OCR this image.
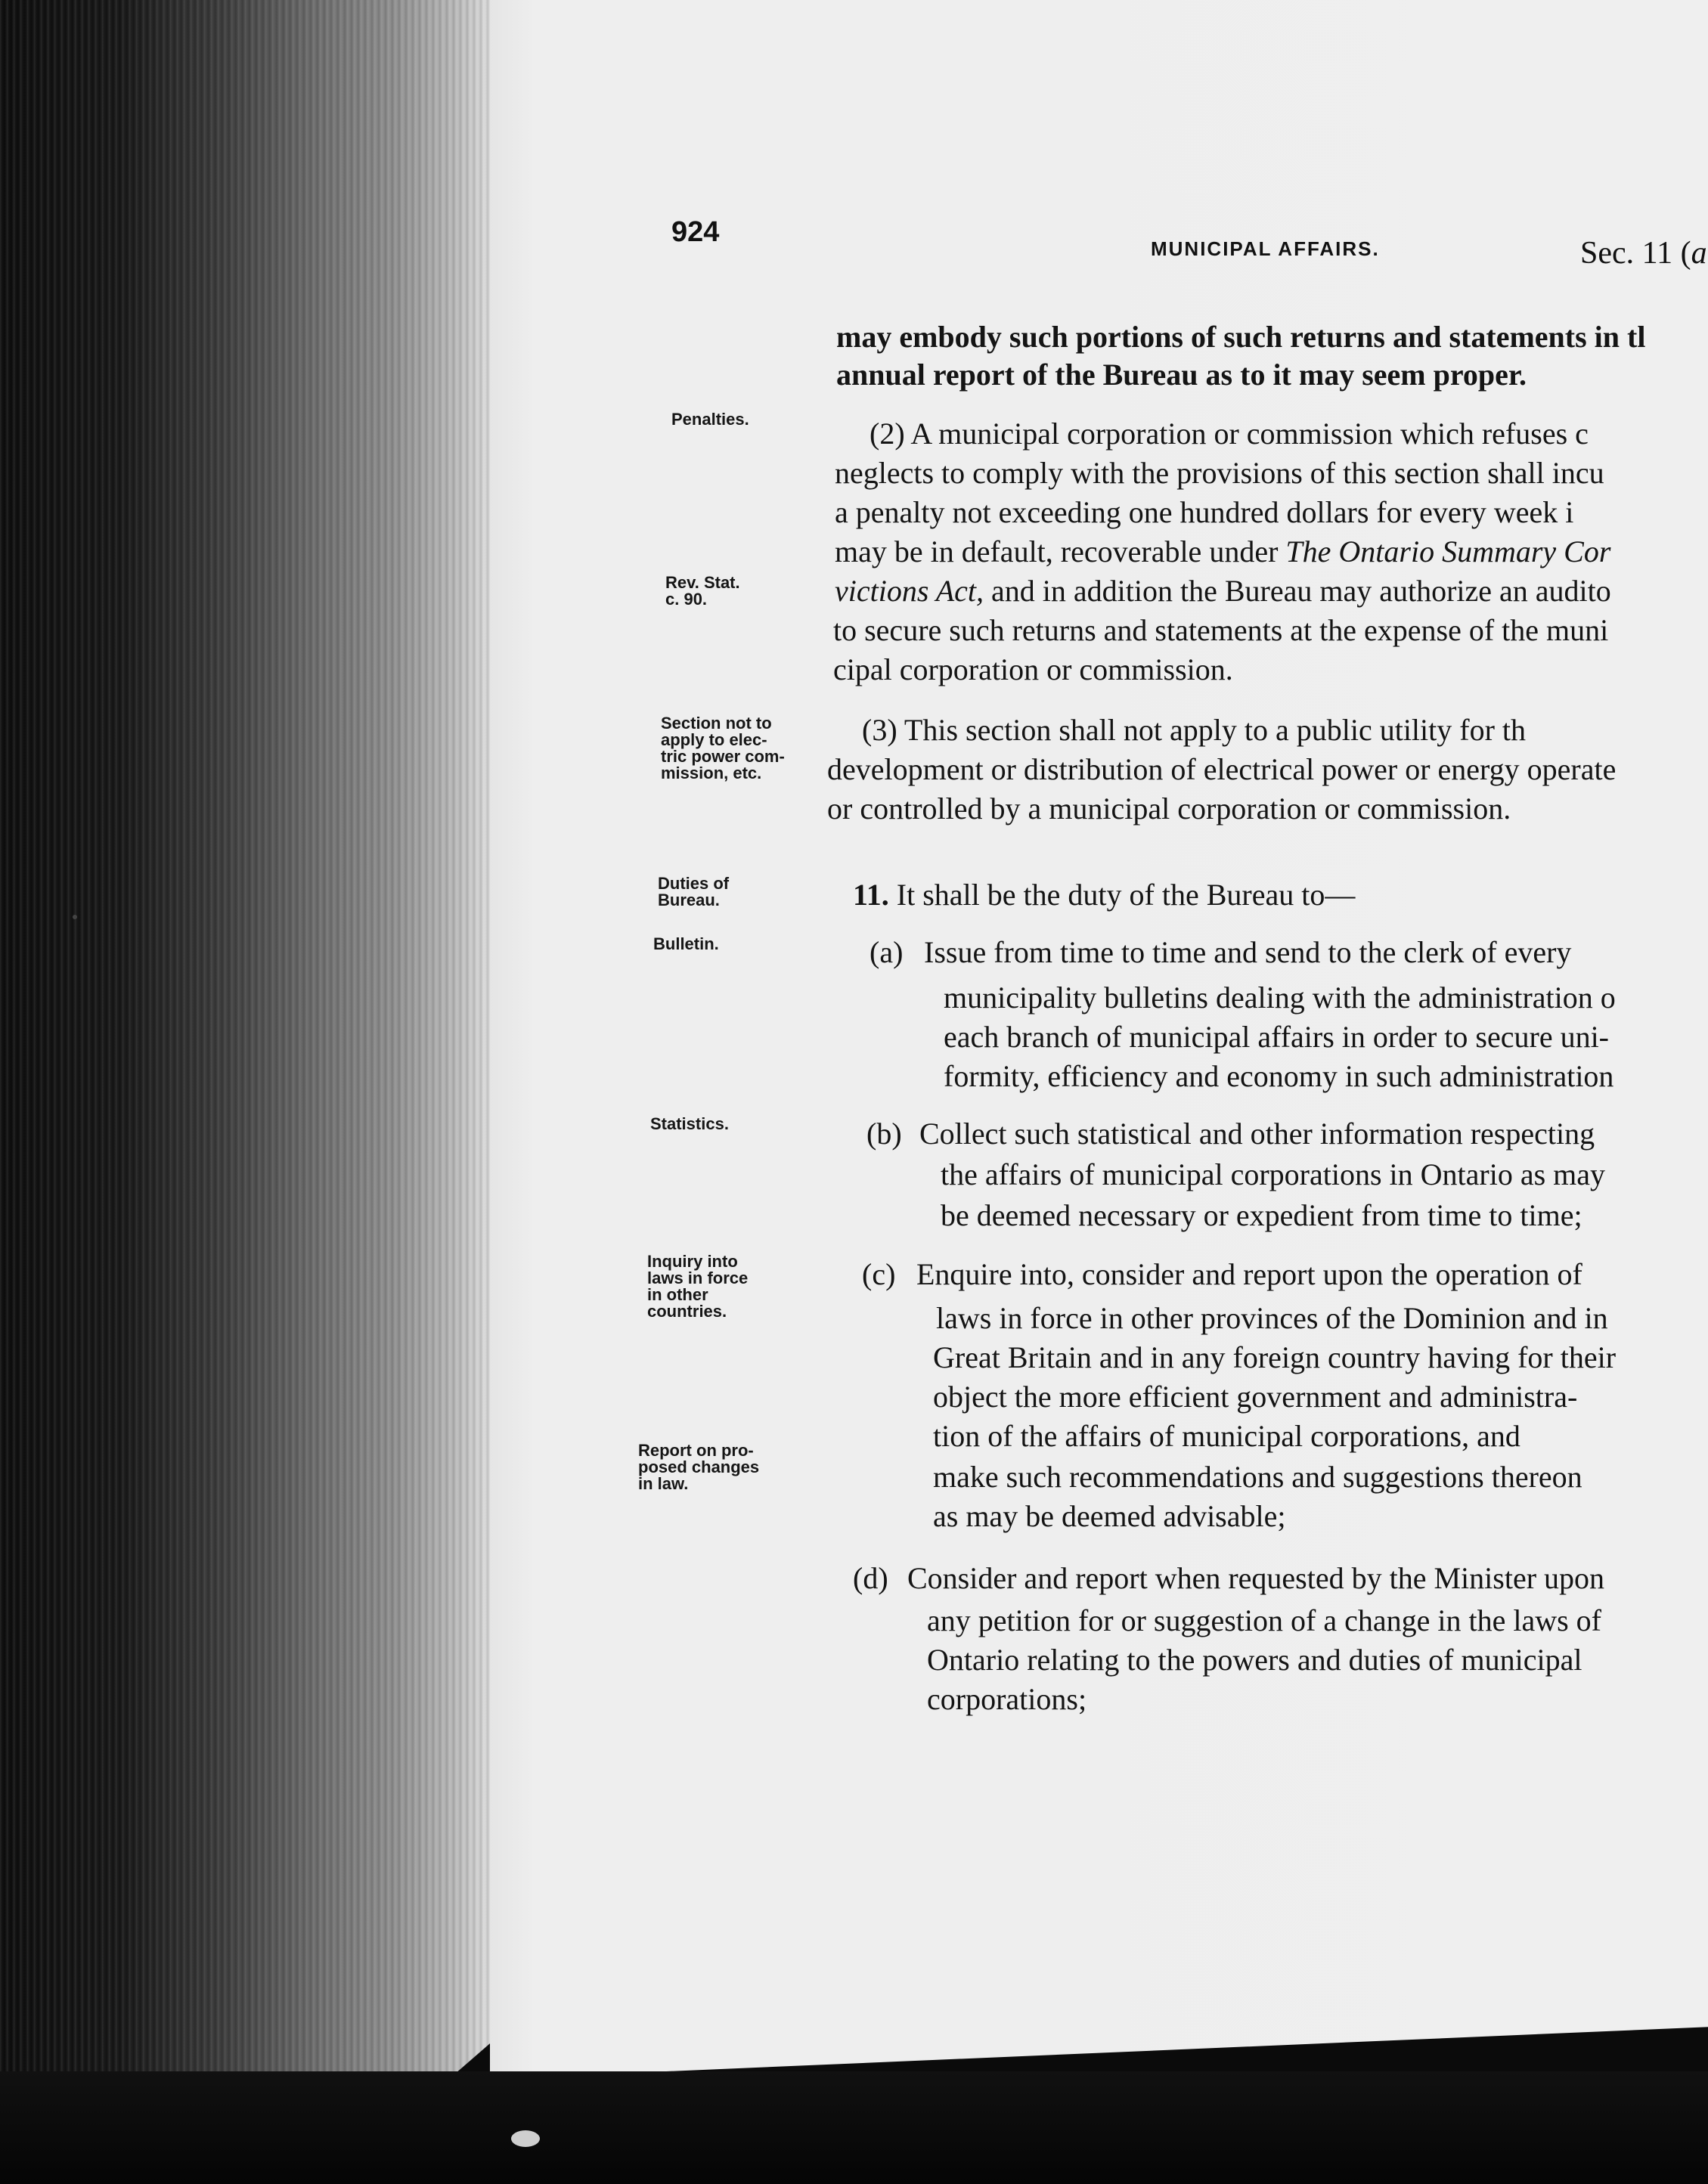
924
MUNICIPAL AFFAIRS.	Sec. 11 (a
Penalties.
Rev. Stat.
c. 90.
Section not to
apply to elec-
tric power com-
mission, etc.
Duties of
Bureau.
Bulletin.
Statistics.
Inquiry into
laws in force
in other
countries.
Report on pro-
posed changes
in law.
may embody such portions of such returns and statements in tl
annual report of the Bureau as to it may seem proper.
(2) A municipal corporation or commission which refuses c
neglects to comply with the provisions of this section shall incu
a penalty not exceeding one hundred dollars for every week i
may be in default, recoverable under The Ontario Summary Cor
victions Act, and in addition the Bureau may authorize an audito
to secure such returns and statements at the expense of the muni
cipal corporation or commission.
(3) This section shall not apply to a public utility for th
development or distribution of electrical power or energy operate
or controlled by a municipal corporation or commission.
11. It shall be the duty of the Bureau to—
(a) Issue from time to time and send to the clerk of every
municipality bulletins dealing with the administration o
each branch of municipal affairs in order to secure uni-
formity, efficiency and economy in such administration
(b) Collect such statistical and other information respecting
the affairs of municipal corporations in Ontario as may
be deemed necessary or expedient from time to time;
(c) Enquire into, consider and report upon the operation of
laws in force in other provinces of the Dominion and in
Great Britain and in any foreign country having for their
object the more efficient government and administra-
tion of the affairs of municipal corporations, and
make such recommendations and suggestions thereon
as may be deemed advisable;
(d) Consider and report when requested by the Minister upon
any petition for or suggestion of a change in the laws of
Ontario relating to the powers and duties of municipal
corporations;
